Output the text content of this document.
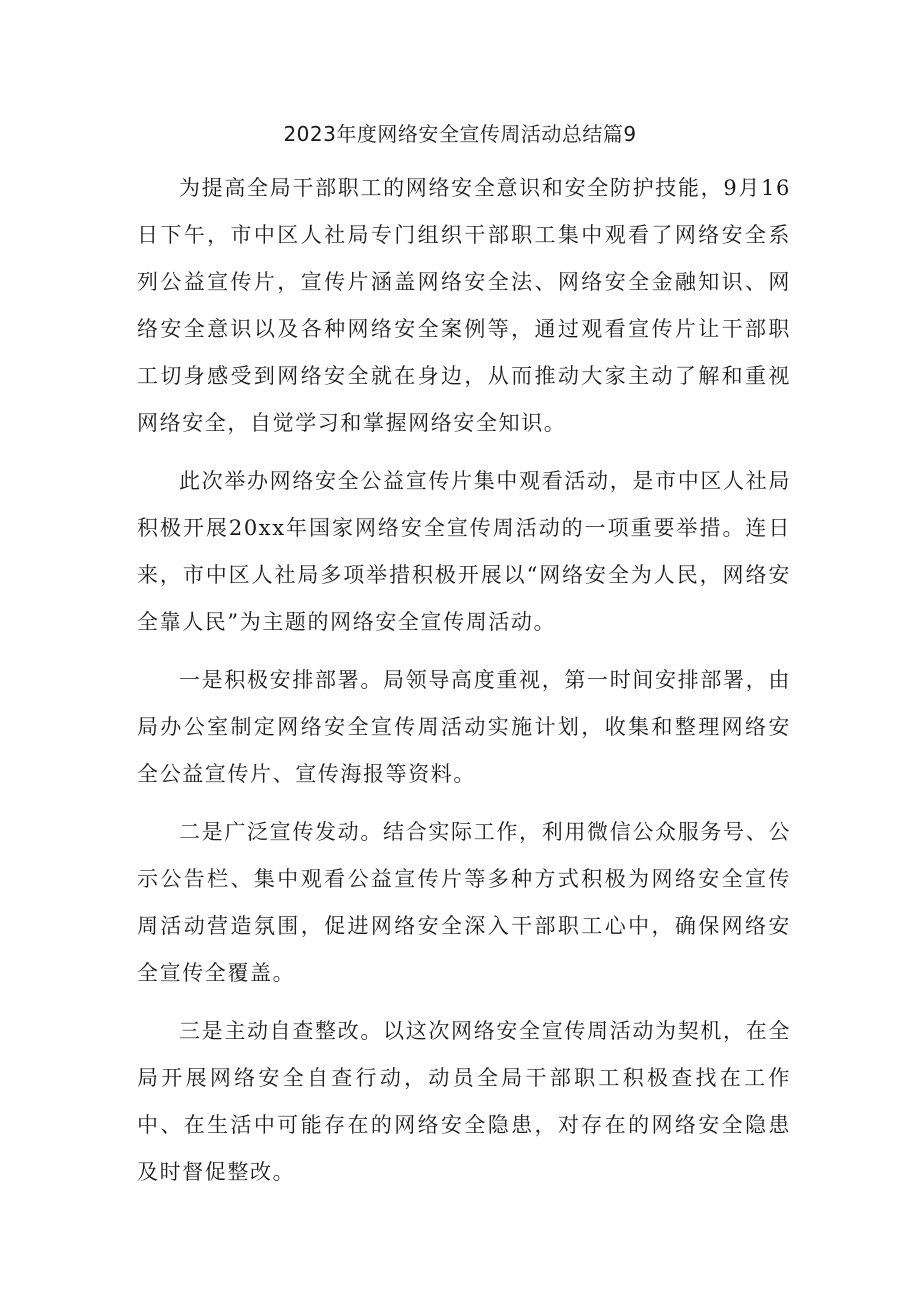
2023年度网络安全宣传周活动总结篇9

为提高全局干部职工的网络安全意识和安全防护技能，9月16日下午，市中区人社局专门组织干部职工集中观看了网络安全系列公益宣传片，宣传片涵盖网络安全法、网络安全金融知识、网络安全意识以及各种网络安全案例等，通过观看宣传片让干部职工切身感受到网络安全就在身边，从而推动大家主动了解和重视网络安全，自觉学习和掌握网络安全知识。

此次举办网络安全公益宣传片集中观看活动，是市中区人社局积极开展20xx年国家网络安全宣传周活动的一项重要举措。连日来，市中区人社局多项举措积极开展以“网络安全为人民，网络安全靠人民”为主题的网络安全宣传周活动。

一是积极安排部署。局领导高度重视，第一时间安排部署，由局办公室制定网络安全宣传周活动实施计划，收集和整理网络安全公益宣传片、宣传海报等资料。

二是广泛宣传发动。结合实际工作，利用微信公众服务号、公示公告栏、集中观看公益宣传片等多种方式积极为网络安全宣传周活动营造氛围，促进网络安全深入干部职工心中，确保网络安全宣传全覆盖。

三是主动自查整改。以这次网络安全宣传周活动为契机，在全局开展网络安全自查行动，动员全局干部职工积极查找在工作中、在生活中可能存在的网络安全隐患，对存在的网络安全隐患及时督促整改。
